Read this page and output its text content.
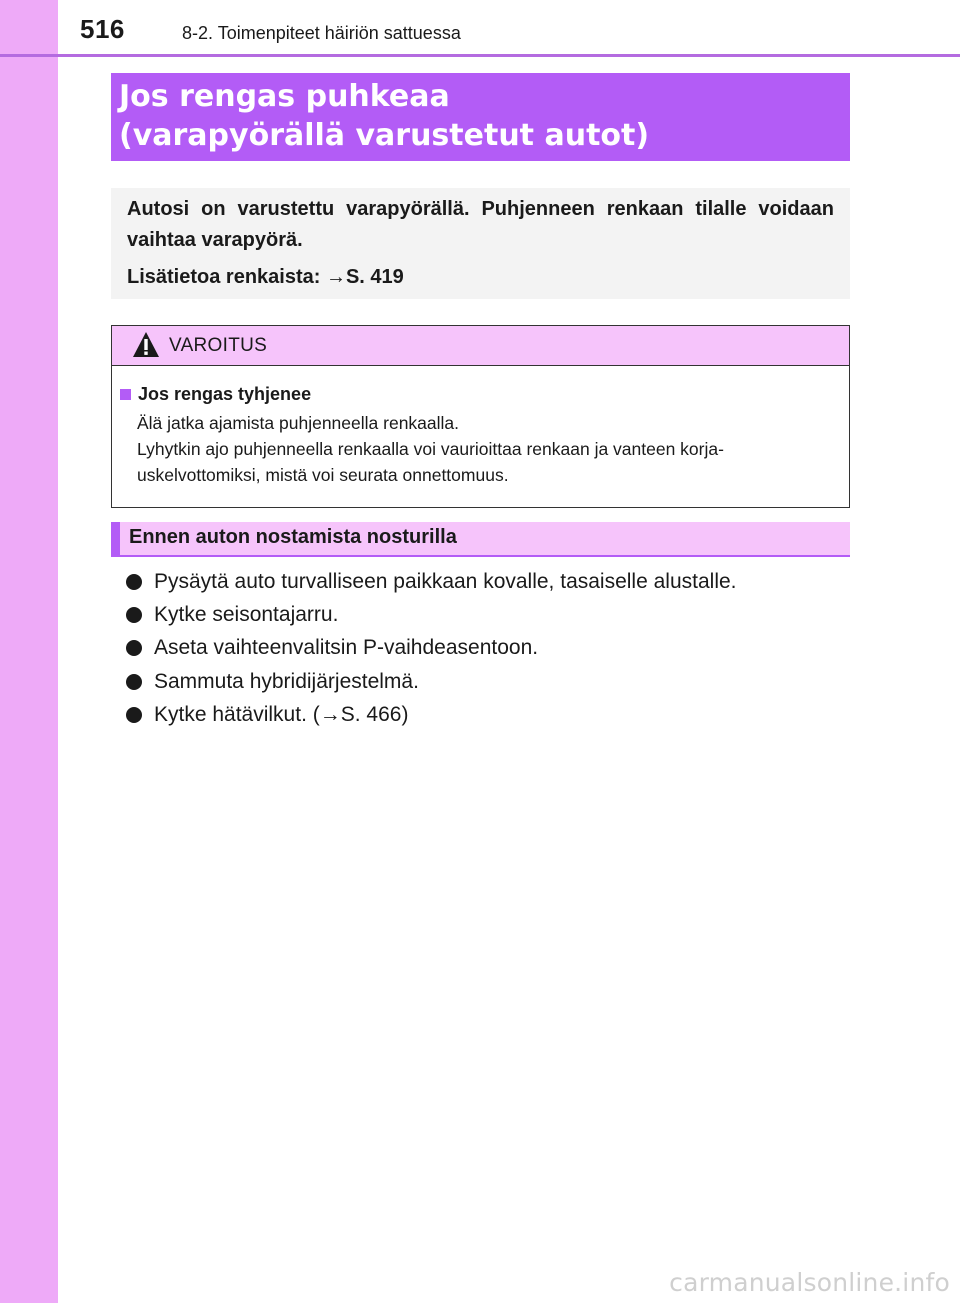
516	8-2. Toimenpiteet häiriön sattuessa
Jos rengas puhkeaa
(varapyörällä varustetut autot)

Autosi on varustettu varapyörällä. Puhjenneen renkaan tilalle voidaan vaihtaa varapyörä.

Lisätietoa renkaista: →S. 419
VAROITUS
Jos rengas tyhjenee
Älä jatka ajamista puhjenneella renkaalla.
Lyhytkin ajo puhjenneella renkaalla voi vaurioittaa renkaan ja vanteen korja-
uskelvottomiksi, mistä voi seurata onnettomuus.
Ennen auton nostamista nosturilla
Pysäytä auto turvalliseen paikkaan kovalle, tasaiselle alustalle.
Kytke seisontajarru.
Aseta vaihteenvalitsin P-vaihdeasentoon.
Sammuta hybridijärjestelmä.
Kytke hätävilkut. (→S. 466)
carmanualsonline.info
